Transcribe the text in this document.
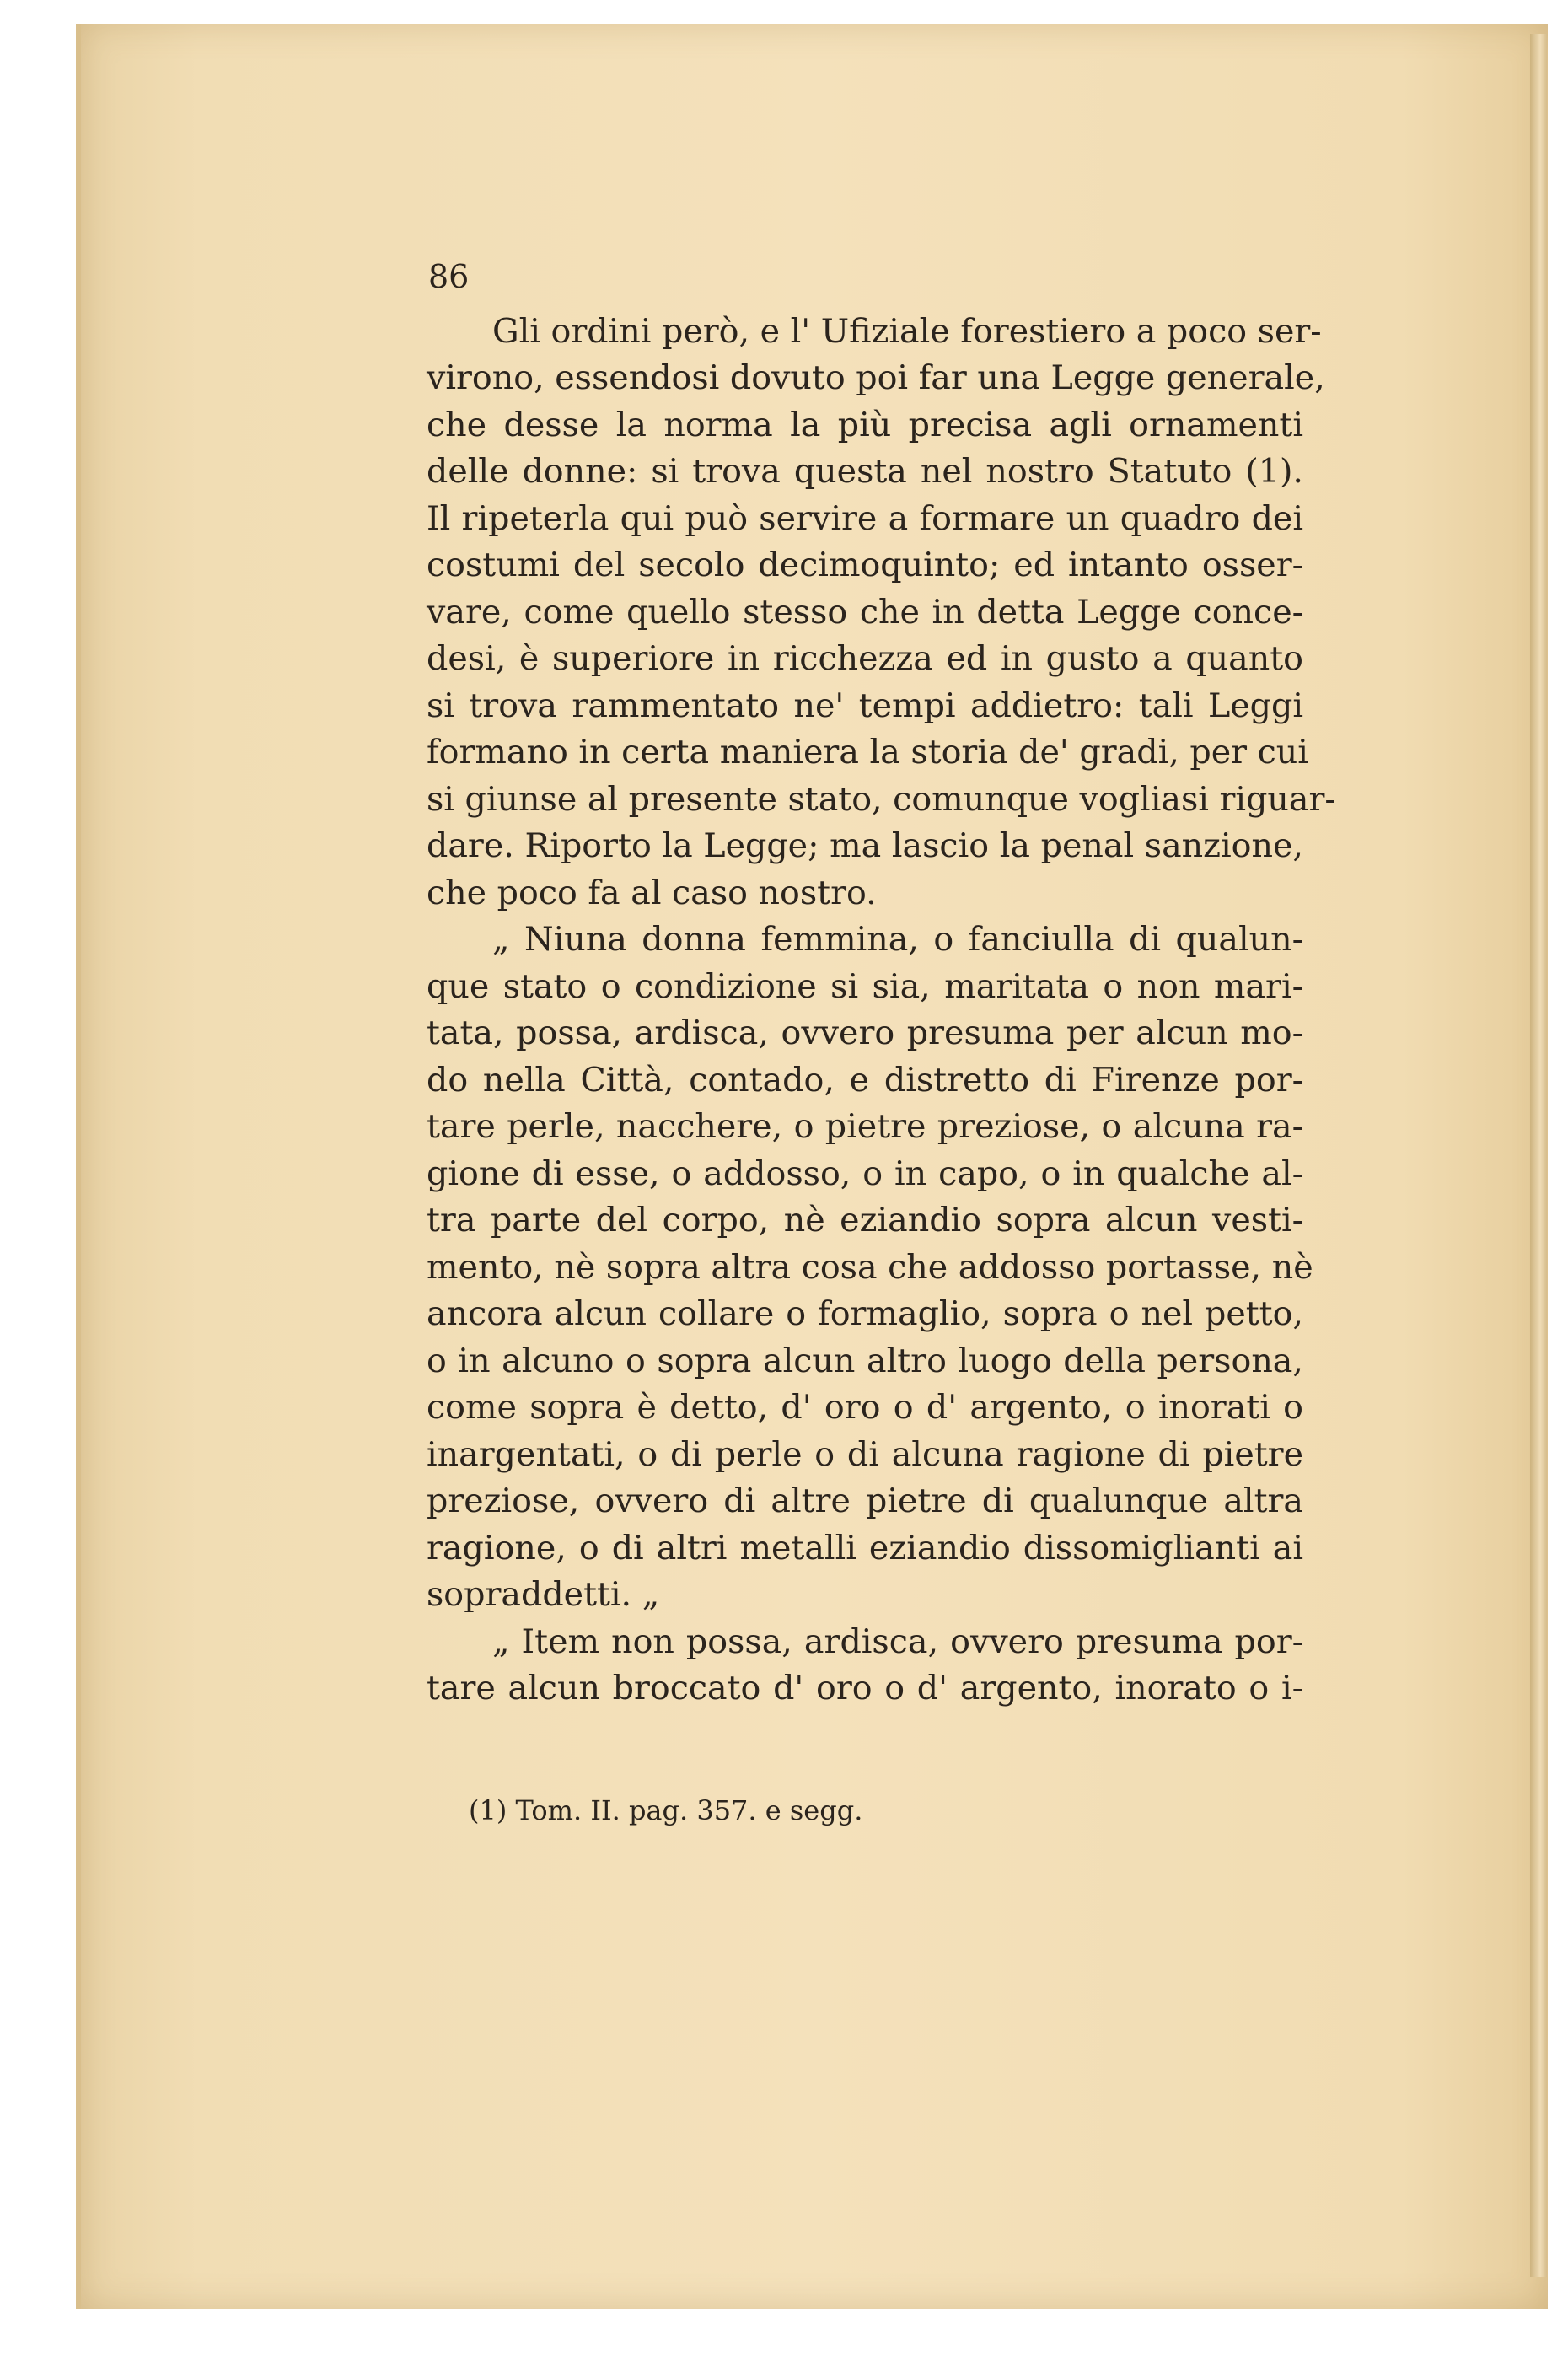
86
Gli ordini però, e l' Ufiziale forestiero a poco ser-
virono, essendosi dovuto poi far una Legge generale,
che desse la norma la più precisa agli ornamenti
delle donne: si trova questa nel nostro Statuto (1).
Il ripeterla qui può servire a formare un quadro dei
costumi del secolo decimoquinto; ed intanto osser-
vare, come quello stesso che in detta Legge conce-
desi, è superiore in ricchezza ed in gusto a quanto
si trova rammentato ne' tempi addietro: tali Leggi
formano in certa maniera la storia de' gradi, per cui
si giunse al presente stato, comunque vogliasi riguar-
dare. Riporto la Legge; ma lascio la penal sanzione,
che poco fa al caso nostro.
„ Niuna donna femmina, o fanciulla di qualun-
que stato o condizione si sia, maritata o non mari-
tata, possa, ardisca, ovvero presuma per alcun mo-
do nella Città, contado, e distretto di Firenze por-
tare perle, nacchere, o pietre preziose, o alcuna ra-
gione di esse, o addosso, o in capo, o in qualche al-
tra parte del corpo, nè eziandio sopra alcun vesti-
mento, nè sopra altra cosa che addosso portasse, nè
ancora alcun collare o formaglio, sopra o nel petto,
o in alcuno o sopra alcun altro luogo della persona,
come sopra è detto, d' oro o d' argento, o inorati o
inargentati, o di perle o di alcuna ragione di pietre
preziose, ovvero di altre pietre di qualunque altra
ragione, o di altri metalli eziandio dissomiglianti ai
sopraddetti. „
„ Item non possa, ardisca, ovvero presuma por-
tare alcun broccato d' oro o d' argento, inorato o i-
(1) Tom. II. pag. 357. e segg.
